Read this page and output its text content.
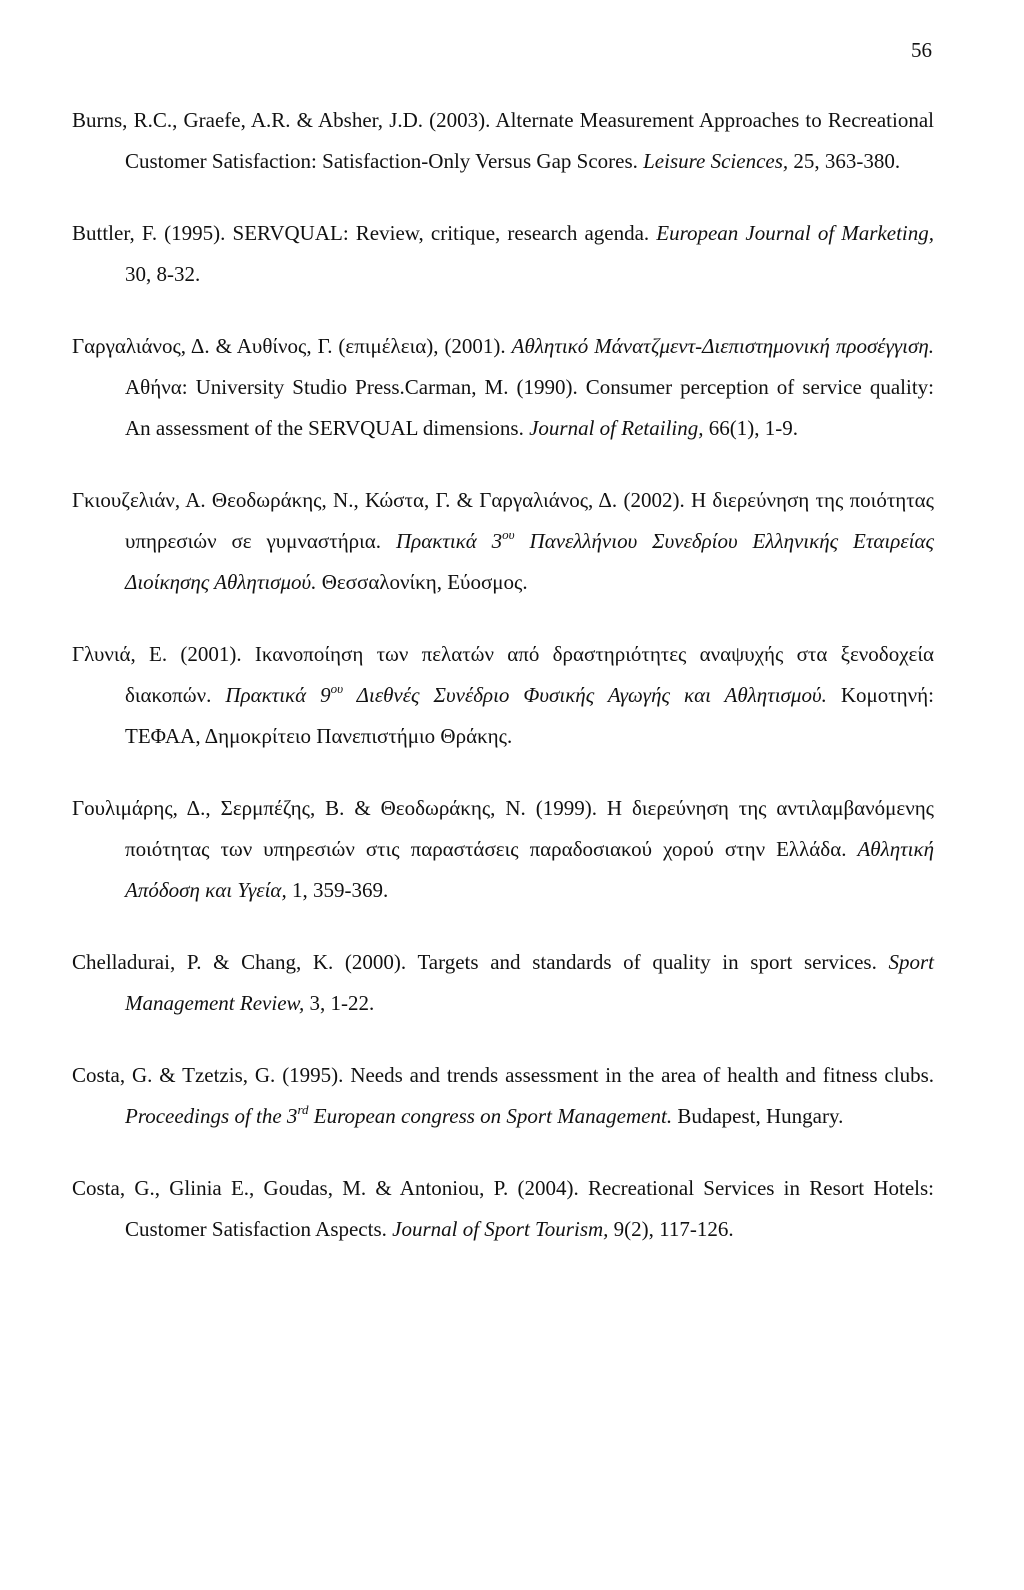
56

Burns, R.C., Graefe, A.R. & Absher, J.D. (2003). Alternate Measurement Approaches to Recreational Customer Satisfaction: Satisfaction-Only Versus Gap Scores. Leisure Sciences, 25, 363-380.

Buttler, F. (1995). SERVQUAL: Review, critique, research agenda. European Journal of Marketing, 30, 8-32.

Γαργαλιάνος, Δ. & Αυθίνος, Γ. (επιμέλεια), (2001). Αθλητικό Μάνατζμεντ-Διεπιστημονική προσέγγιση. Αθήνα: University Studio Press.Carman, M. (1990). Consumer perception of service quality: An assessment of the SERVQUAL dimensions. Journal of Retailing, 66(1), 1-9.

Γκιουζελιάν, Α. Θεοδωράκης, Ν., Κώστα, Γ. & Γαργαλιάνος, Δ. (2002). Η διερεύνηση της ποιότητας υπηρεσιών σε γυμναστήρια. Πρακτικά $3^{o\upsilon}$ Πανελλήνιου Συνεδρίου Ελληνικής Εταιρείας Διοίκησης Αθλητισμού. Θεσσαλονίκη, Εύοσμος.

Γλυνιά, Ε. (2001). Ικανοποίηση των πελατών από δραστηριότητες αναψυχής στα ξενοδοχεία διακοπών. Πρακτικά $9^{o\upsilon}$ Διεθνές Συνέδριο Φυσικής Αγωγής και Αθλητισμού. Κομοτηνή: ΤΕΦΑΑ, Δημοκρίτειο Πανεπιστήμιο Θράκης.

Γουλιμάρης, Δ., Σερμπέζης, Β. & Θεοδωράκης, Ν. (1999). Η διερεύνηση της αντιλαμβανόμενης ποιότητας των υπηρεσιών στις παραστάσεις παραδοσιακού χορού στην Ελλάδα. Αθλητική Απόδοση και Υγεία, 1, 359-369.

Chelladurai, P. & Chang, K. (2000). Targets and standards of quality in sport services. Sport Management Review, 3, 1-22.

Costa, G. & Tzetzis, G. (1995). Needs and trends assessment in the area of health and fitness clubs. Proceedings of the 3rd European congress on Sport Management. Budapest, Hungary.

Costa, G., Glinia E., Goudas, M. & Antoniou, P. (2004). Recreational Services in Resort Hotels: Customer Satisfaction Aspects. Journal of Sport Tourism, 9(2), 117-126.
